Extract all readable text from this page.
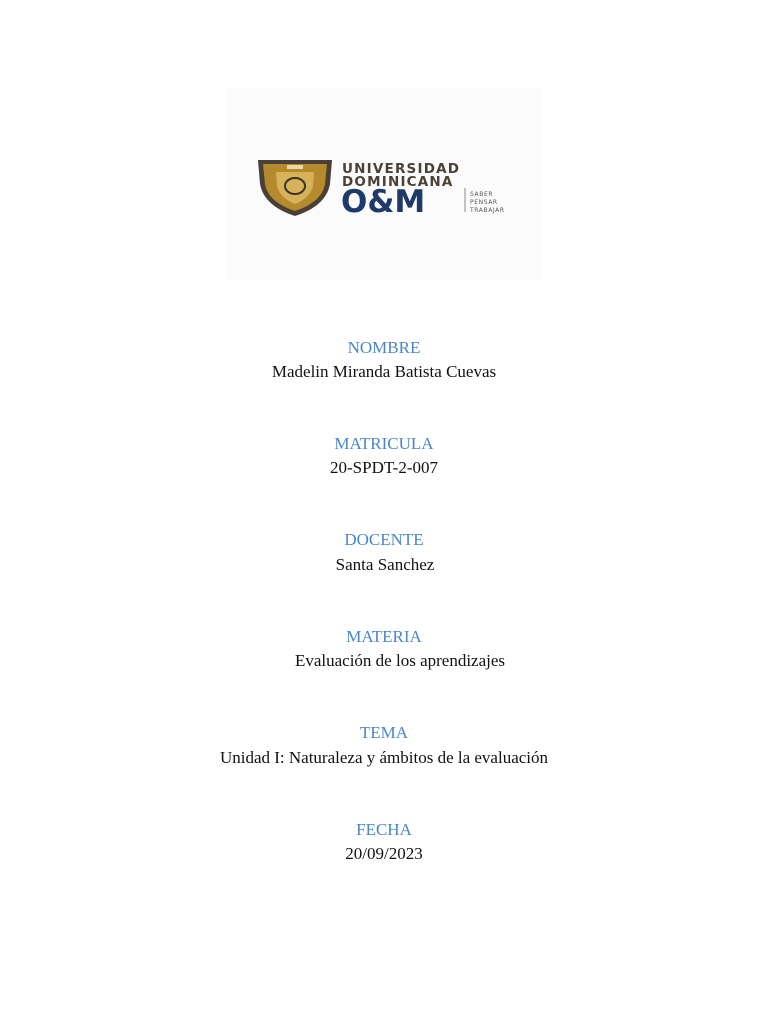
UNIVERSIDAD
DOMINICANA
O&M	SABER
PENSAR
TRABAJAR
NOMBRE
Madelin Miranda Batista Cuevas
MATRICULA
20-SPDT-2-007
DOCENTE
Santa Sanchez
MATERIA
Evaluación de los aprendizajes
TEMA
Unidad I: Naturaleza y ámbitos de la evaluación
FECHA
20/09/2023
